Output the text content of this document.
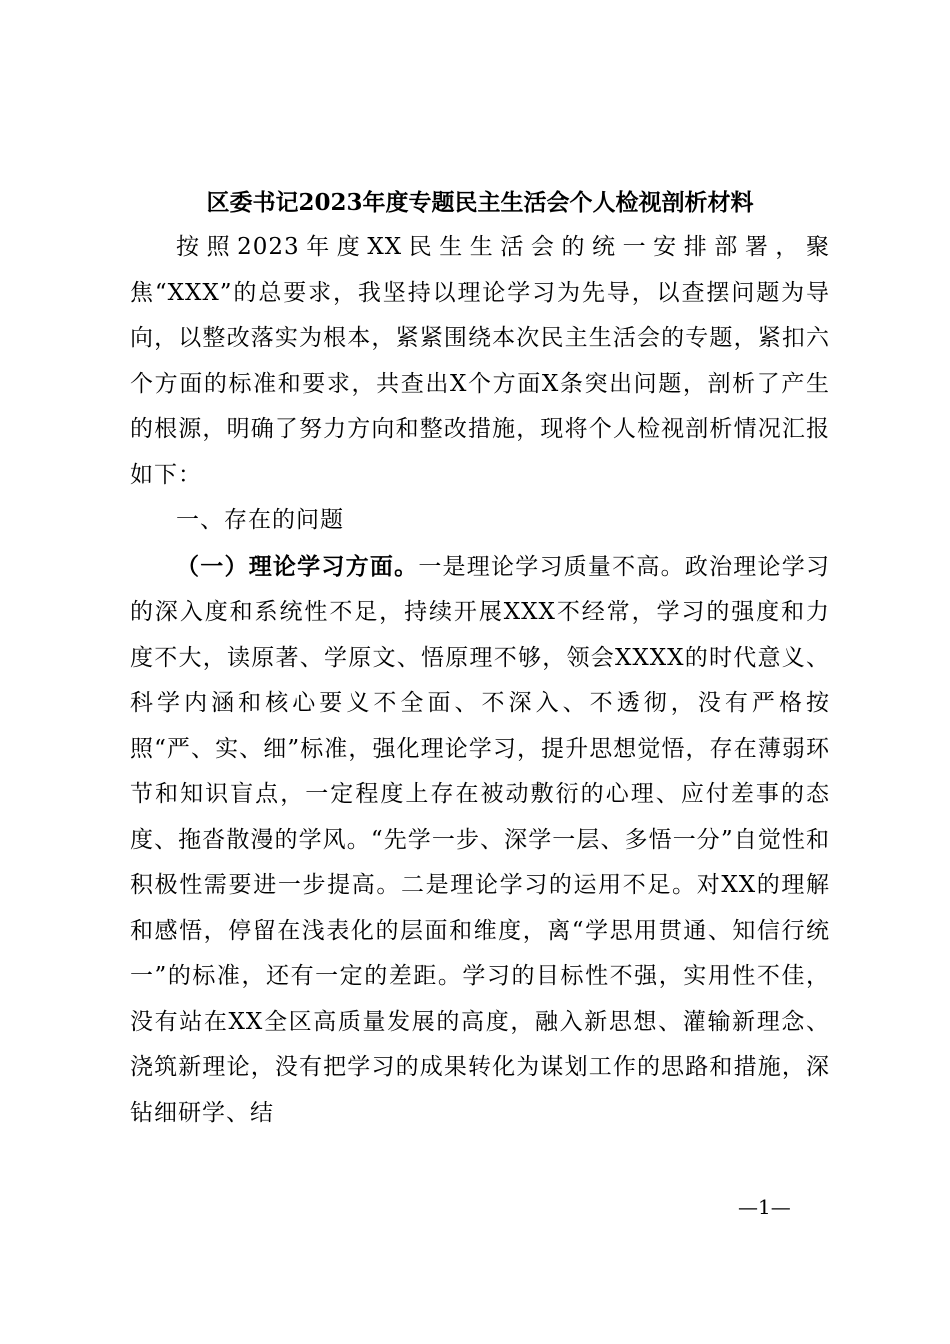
区委书记2023年度专题民主生活会个人检视剖析材料

按照2023年度XX民生生活会的统一安排部署，聚焦“XXX”的总要求，我坚持以理论学习为先导，以查摆问题为导向，以整改落实为根本，紧紧围绕本次民主生活会的专题，紧扣六个方面的标准和要求，共查出X个方面X条突出问题，剖析了产生的根源，明确了努力方向和整改措施，现将个人检视剖析情况汇报如下：

一、存在的问题

（一）理论学习方面。一是理论学习质量不高。政治理论学习的深入度和系统性不足，持续开展XXX不经常，学习的强度和力度不大，读原著、学原文、悟原理不够，领会XXXX的时代意义、科学内涵和核心要义不全面、不深入、不透彻，没有严格按照“严、实、细”标准，强化理论学习，提升思想觉悟，存在薄弱环节和知识盲点，一定程度上存在被动敷衍的心理、应付差事的态度、拖沓散漫的学风。“先学一步、深学一层、多悟一分”自觉性和积极性需要进一步提高。二是理论学习的运用不足。对XX的理解和感悟，停留在浅表化的层面和维度，离“学思用贯通、知信行统一”的标准，还有一定的差距。学习的目标性不强，实用性不佳，没有站在XX全区高质量发展的高度，融入新思想、灌输新理念、浇筑新理论，没有把学习的成果转化为谋划工作的思路和措施，深钻细研学、结

—1—
